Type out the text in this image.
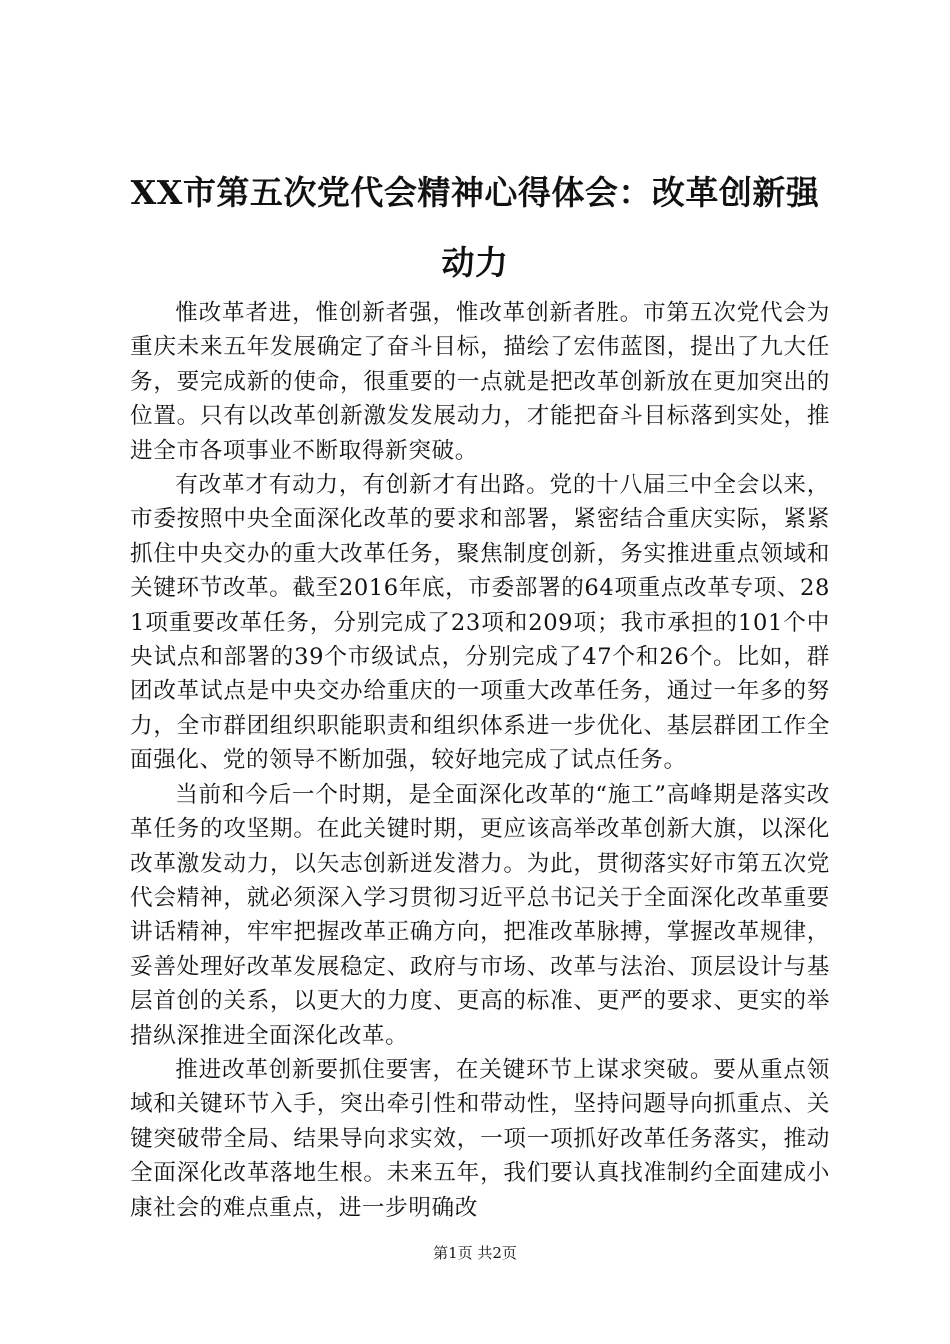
XX市第五次党代会精神心得体会：改革创新强动力

惟改革者进，惟创新者强，惟改革创新者胜。市第五次党代会为重庆未来五年发展确定了奋斗目标，描绘了宏伟蓝图，提出了九大任务，要完成新的使命，很重要的一点就是把改革创新放在更加突出的位置。只有以改革创新激发发展动力，才能把奋斗目标落到实处，推进全市各项事业不断取得新突破。

有改革才有动力，有创新才有出路。党的十八届三中全会以来，市委按照中央全面深化改革的要求和部署，紧密结合重庆实际，紧紧抓住中央交办的重大改革任务，聚焦制度创新，务实推进重点领域和关键环节改革。截至2016年底，市委部署的64项重点改革专项、281项重要改革任务，分别完成了23项和209项；我市承担的101个中央试点和部署的39个市级试点，分别完成了47个和26个。比如，群团改革试点是中央交办给重庆的一项重大改革任务，通过一年多的努力，全市群团组织职能职责和组织体系进一步优化、基层群团工作全面强化、党的领导不断加强，较好地完成了试点任务。

当前和今后一个时期，是全面深化改革的“施工”高峰期是落实改革任务的攻坚期。在此关键时期，更应该高举改革创新大旗，以深化改革激发动力，以矢志创新迸发潜力。为此，贯彻落实好市第五次党代会精神，就必须深入学习贯彻习近平总书记关于全面深化改革重要讲话精神，牢牢把握改革正确方向，把准改革脉搏，掌握改革规律，妥善处理好改革发展稳定、政府与市场、改革与法治、顶层设计与基层首创的关系，以更大的力度、更高的标准、更严的要求、更实的举措纵深推进全面深化改革。

推进改革创新要抓住要害，在关键环节上谋求突破。要从重点领域和关键环节入手，突出牵引性和带动性，坚持问题导向抓重点、关键突破带全局、结果导向求实效，一项一项抓好改革任务落实，推动全面深化改革落地生根。未来五年，我们要认真找准制约全面建成小康社会的难点重点，进一步明确改

第1页 共2页
